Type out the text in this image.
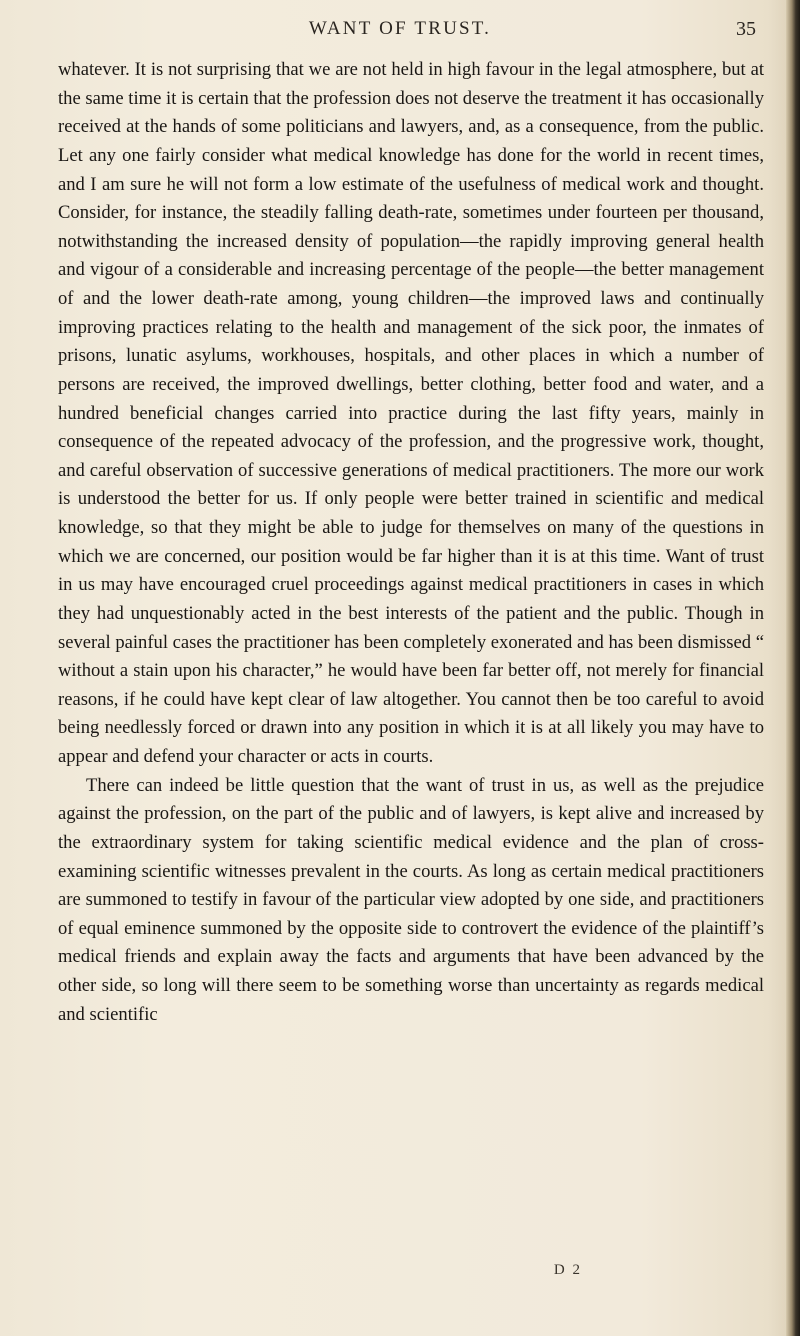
WANT OF TRUST.	35

whatever. It is not surprising that we are not held in high favour in the legal atmosphere, but at the same time it is certain that the profession does not deserve the treatment it has occasionally received at the hands of some politicians and lawyers, and, as a consequence, from the public. Let any one fairly consider what medical knowledge has done for the world in recent times, and I am sure he will not form a low estimate of the usefulness of medical work and thought. Consider, for instance, the steadily falling death-rate, sometimes under fourteen per thousand, notwithstanding the increased density of population—the rapidly improving general health and vigour of a considerable and increasing percentage of the people—the better management of and the lower death-rate among, young children—the improved laws and continually improving practices relating to the health and management of the sick poor, the inmates of prisons, lunatic asylums, workhouses, hospitals, and other places in which a number of persons are received, the improved dwellings, better clothing, better food and water, and a hundred beneficial changes carried into practice during the last fifty years, mainly in consequence of the repeated advocacy of the profession, and the progressive work, thought, and careful observation of successive generations of medical practitioners. The more our work is understood the better for us. If only people were better trained in scientific and medical knowledge, so that they might be able to judge for themselves on many of the questions in which we are concerned, our position would be far higher than it is at this time. Want of trust in us may have encouraged cruel proceedings against medical practitioners in cases in which they had unquestionably acted in the best interests of the patient and the public. Though in several painful cases the practitioner has been completely exonerated and has been dismissed “ without a stain upon his character,” he would have been far better off, not merely for financial reasons, if he could have kept clear of law altogether. You cannot then be too careful to avoid being needlessly forced or drawn into any position in which it is at all likely you may have to appear and defend your character or acts in courts.

There can indeed be little question that the want of trust in us, as well as the prejudice against the profession, on the part of the public and of lawyers, is kept alive and increased by the extraordinary system for taking scientific medical evidence and the plan of cross-examining scientific witnesses prevalent in the courts. As long as certain medical practitioners are summoned to testify in favour of the particular view adopted by one side, and practitioners of equal eminence summoned by the opposite side to controvert the evidence of the plaintiff’s medical friends and explain away the facts and arguments that have been advanced by the other side, so long will there seem to be something worse than uncertainty as regards medical and scientific

D 2
